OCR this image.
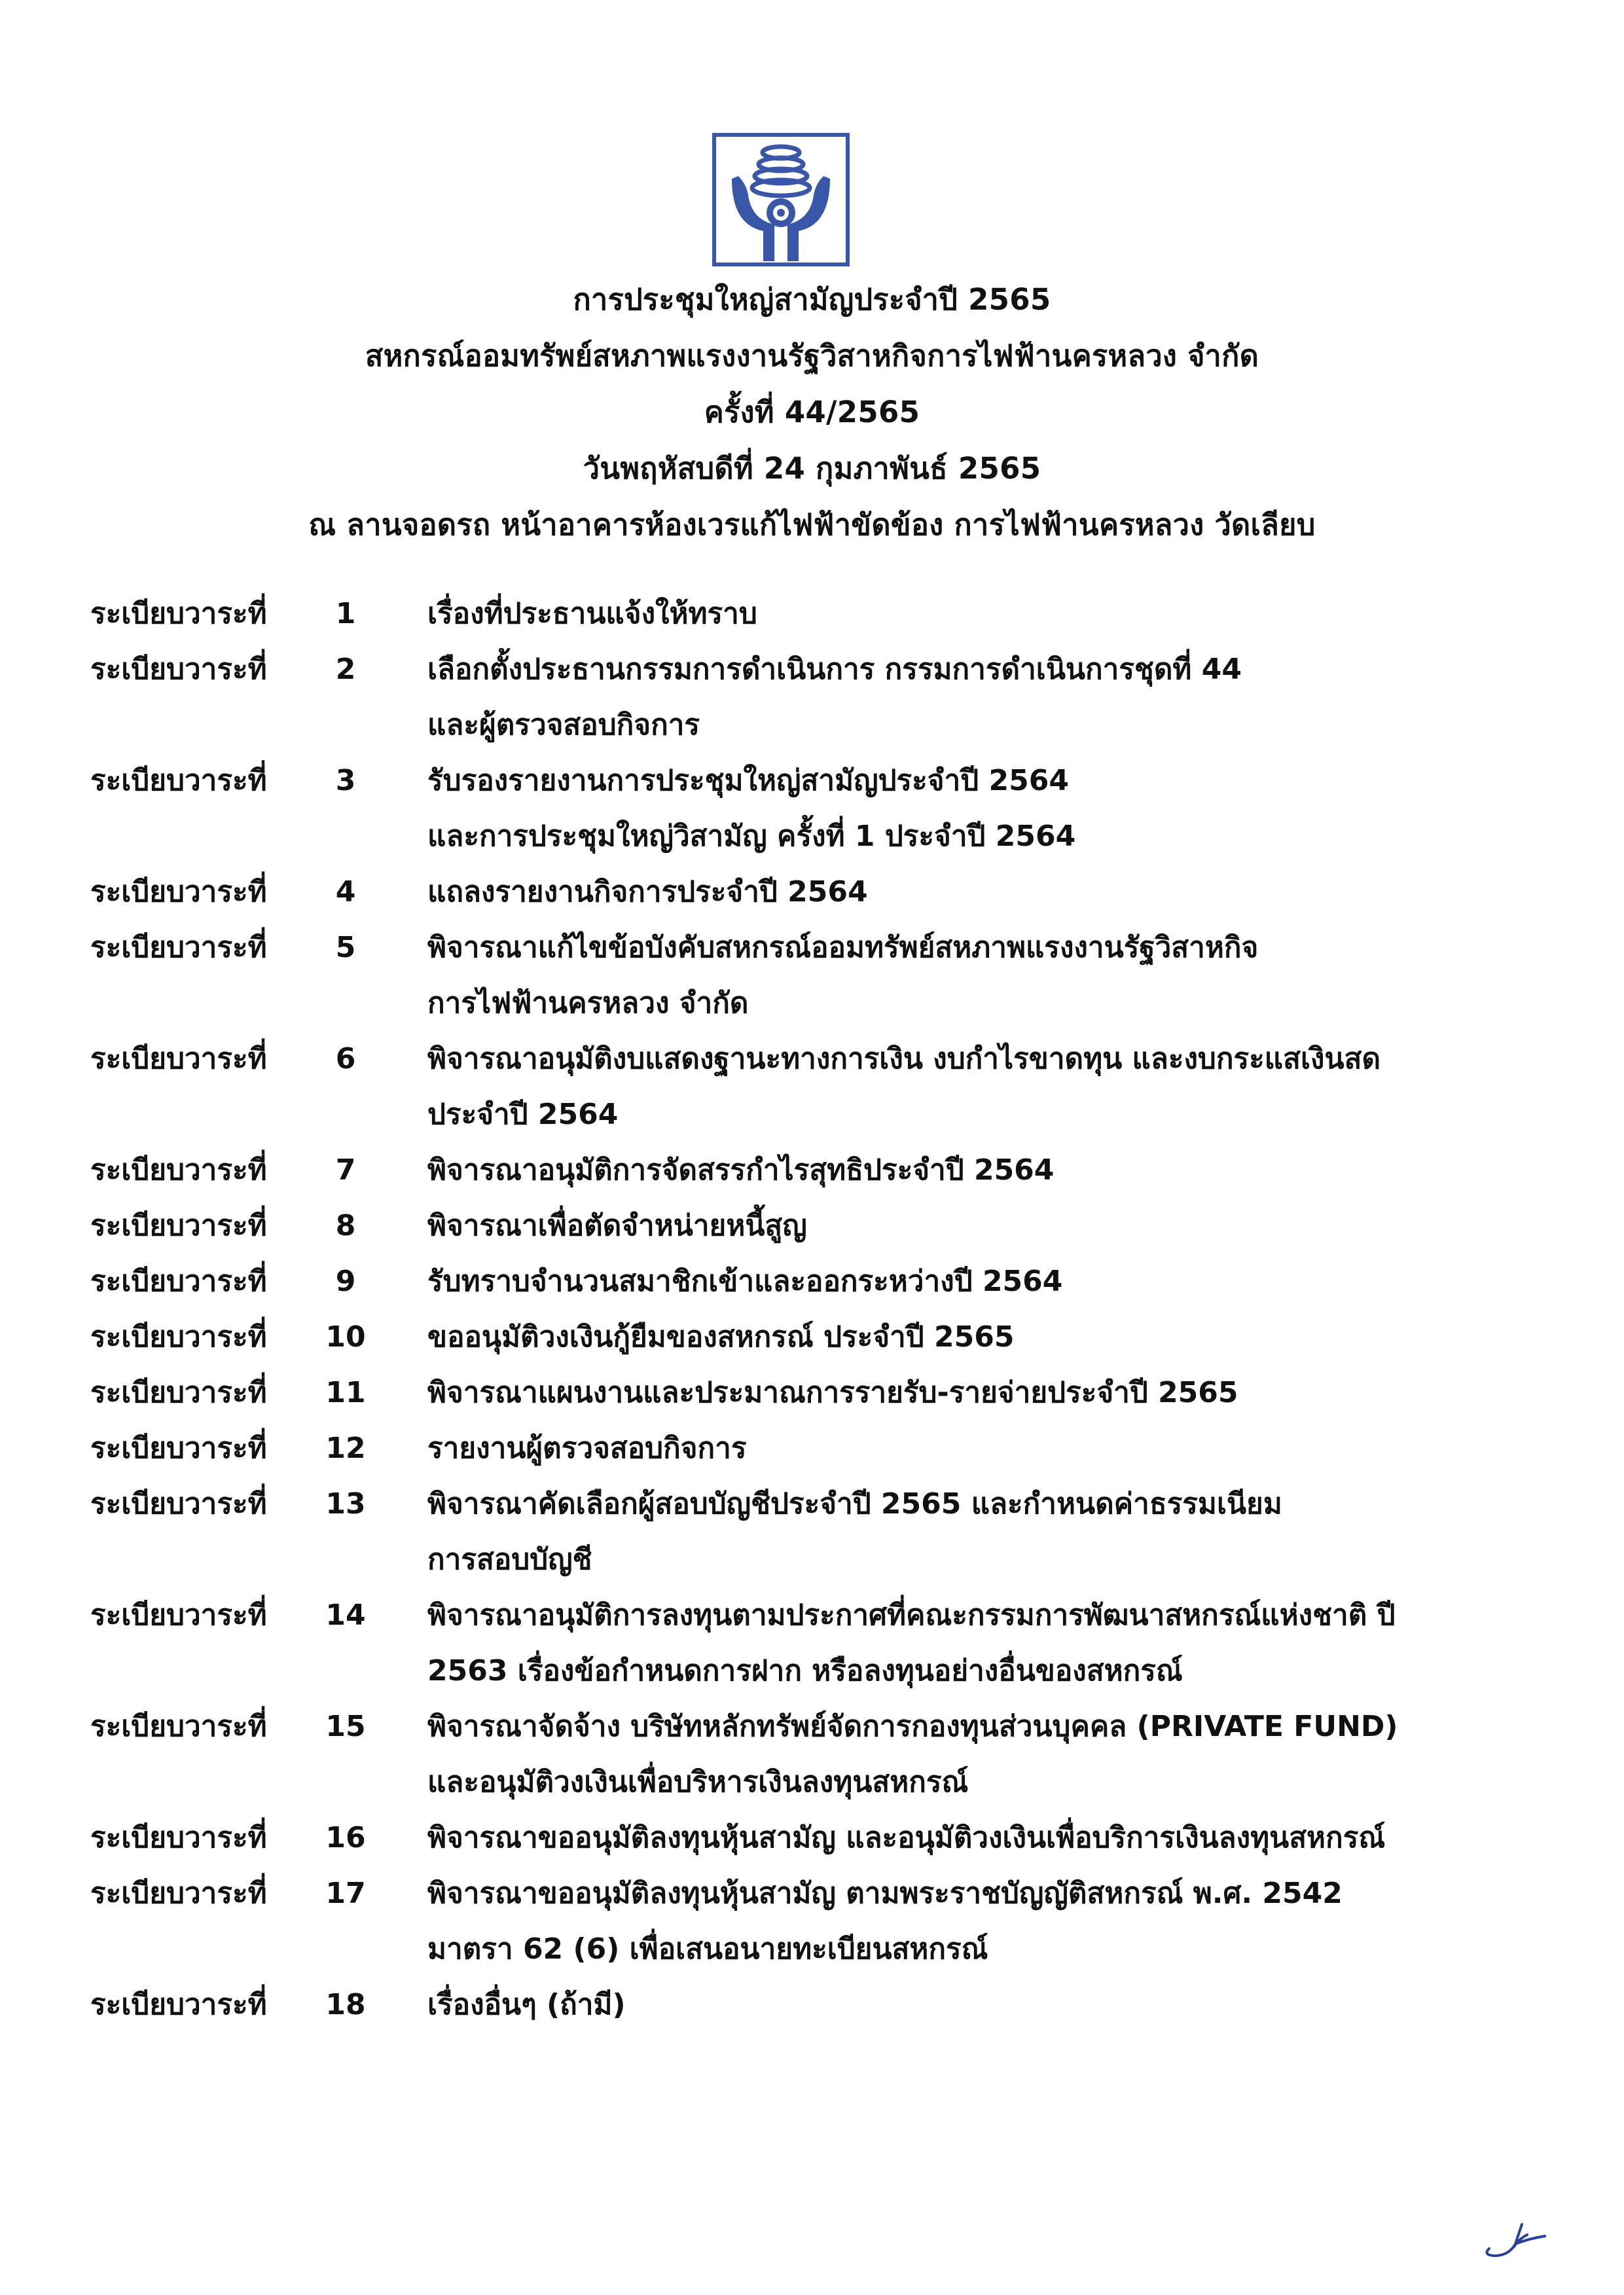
การประชุมใหญ่สามัญประจำปี 2565
สหกรณ์ออมทรัพย์สหภาพแรงงานรัฐวิสาหกิจการไฟฟ้านครหลวง จำกัด
ครั้งที่ 44/2565
วันพฤหัสบดีที่ 24 กุมภาพันธ์ 2565
ณ ลานจอดรถ หน้าอาคารห้องเวรแก้ไฟฟ้าขัดข้อง การไฟฟ้านครหลวง วัดเลียบ
ระเบียบวาระที่	1	เรื่องที่ประธานแจ้งให้ทราบ
ระเบียบวาระที่	2	เลือกตั้งประธานกรรมการดำเนินการ กรรมการดำเนินการชุดที่ 44
และผู้ตรวจสอบกิจการ
ระเบียบวาระที่	3	รับรองรายงานการประชุมใหญ่สามัญประจำปี 2564
และการประชุมใหญ่วิสามัญ ครั้งที่ 1 ประจำปี 2564
ระเบียบวาระที่	4	แถลงรายงานกิจการประจำปี 2564
ระเบียบวาระที่	5	พิจารณาแก้ไขข้อบังคับสหกรณ์ออมทรัพย์สหภาพแรงงานรัฐวิสาหกิจ
การไฟฟ้านครหลวง จำกัด
ระเบียบวาระที่	6	พิจารณาอนุมัติงบแสดงฐานะทางการเงิน งบกำไรขาดทุน และงบกระแสเงินสด
ประจำปี 2564
ระเบียบวาระที่	7	พิจารณาอนุมัติการจัดสรรกำไรสุทธิประจำปี 2564
ระเบียบวาระที่	8	พิจารณาเพื่อตัดจำหน่ายหนี้สูญ
ระเบียบวาระที่	9	รับทราบจำนวนสมาชิกเข้าและออกระหว่างปี 2564
ระเบียบวาระที่	10	ขออนุมัติวงเงินกู้ยืมของสหกรณ์ ประจำปี 2565
ระเบียบวาระที่	11	พิจารณาแผนงานและประมาณการรายรับ-รายจ่ายประจำปี 2565
ระเบียบวาระที่	12	รายงานผู้ตรวจสอบกิจการ
ระเบียบวาระที่	13	พิจารณาคัดเลือกผู้สอบบัญชีประจำปี 2565 และกำหนดค่าธรรมเนียม
การสอบบัญชี
ระเบียบวาระที่	14	พิจารณาอนุมัติการลงทุนตามประกาศที่คณะกรรมการพัฒนาสหกรณ์แห่งชาติ ปี
2563 เรื่องข้อกำหนดการฝาก หรือลงทุนอย่างอื่นของสหกรณ์
ระเบียบวาระที่	15	พิจารณาจัดจ้าง บริษัทหลักทรัพย์จัดการกองทุนส่วนบุคคล (PRIVATE FUND)
และอนุมัติวงเงินเพื่อบริหารเงินลงทุนสหกรณ์
ระเบียบวาระที่	16	พิจารณาขออนุมัติลงทุนหุ้นสามัญ และอนุมัติวงเงินเพื่อบริการเงินลงทุนสหกรณ์
ระเบียบวาระที่	17	พิจารณาขออนุมัติลงทุนหุ้นสามัญ ตามพระราชบัญญัติสหกรณ์ พ.ศ. 2542
มาตรา 62 (6) เพื่อเสนอนายทะเบียนสหกรณ์
ระเบียบวาระที่	18	เรื่องอื่นๆ (ถ้ามี)
